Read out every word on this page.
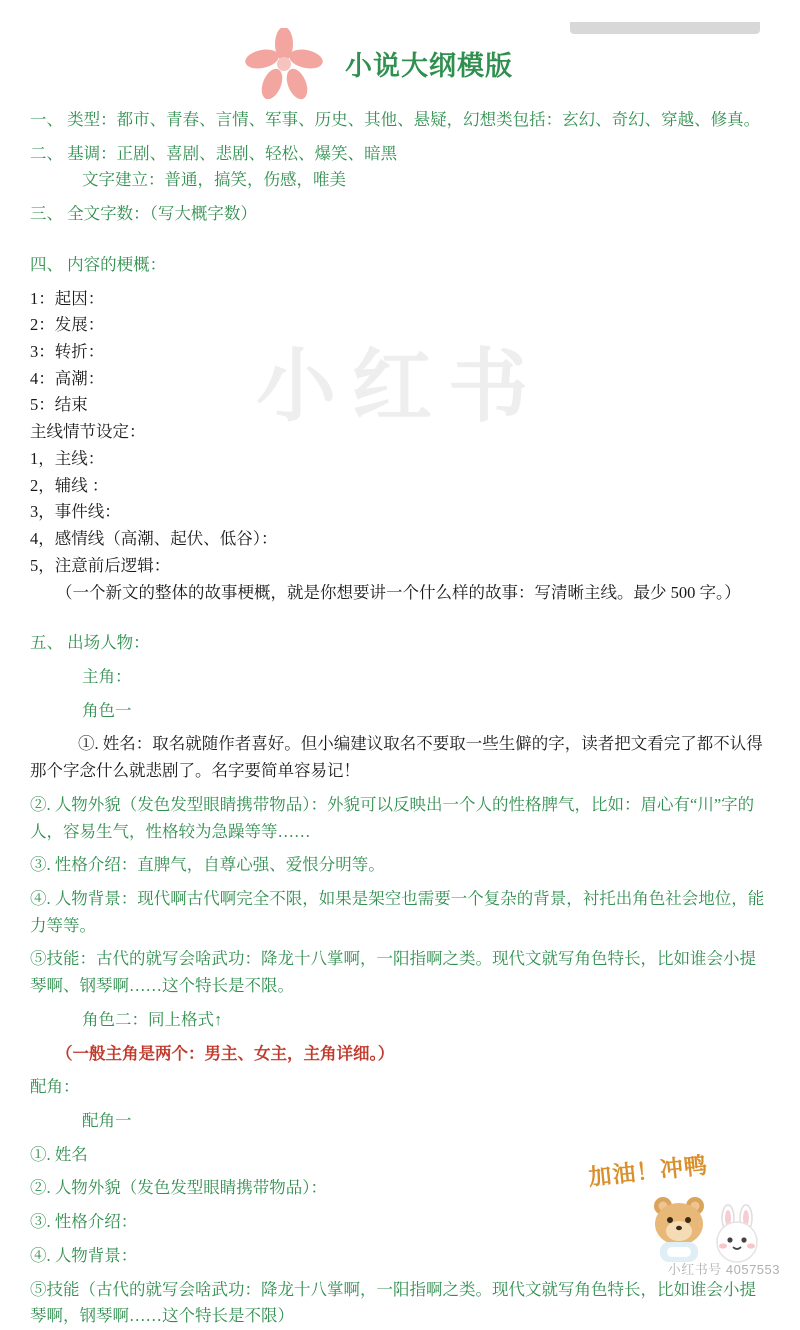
小红书
小说大纲模版

一、 类型：都市、青春、言情、军事、历史、其他、悬疑，幻想类包括：玄幻、奇幻、穿越、修真。

二、 基调：正剧、喜剧、悲剧、轻松、爆笑、暗黑

文字建立：普通，搞笑，伤感，唯美

三、 全文字数：（写大概字数）

四、 内容的梗概：

1：起因：

2：发展：

3：转折：

4：高潮：

5：结束

主线情节设定：

1，主线：

2，辅线 ：

3，事件线：

4，感情线（高潮、起伏、低谷）：

5，注意前后逻辑：

（一个新文的整体的故事梗概，就是你想要讲一个什么样的故事：写清晰主线。最少 500 字。）

五、 出场人物：

主角：

角色一

①. 姓名：取名就随作者喜好。但小编建议取名不要取一些生僻的字，读者把文看完了都不认得那个字念什么就悲剧了。名字要简单容易记！

②. 人物外貌（发色发型眼睛携带物品）：外貌可以反映出一个人的性格脾气，比如：眉心有“川”字的人，容易生气，性格较为急躁等等……

③. 性格介绍：直脾气，自尊心强、爱恨分明等。

④. 人物背景：现代啊古代啊完全不限，如果是架空也需要一个复杂的背景，衬托出角色社会地位，能力等等。

⑤技能：古代的就写会啥武功：降龙十八掌啊，一阳指啊之类。现代文就写角色特长，比如谁会小提琴啊、钢琴啊……这个特长是不限。

角色二：同上格式↑

（一般主角是两个：男主、女主，主角详细。）

配角：

配角一

①. 姓名

②. 人物外貌（发色发型眼睛携带物品）：

③. 性格介绍：

④. 人物背景：

⑤技能（古代的就写会啥武功：降龙十八掌啊，一阳指啊之类。现代文就写角色特长，比如谁会小提琴啊，钢琴啊……这个特长是不限）

加油！冲鸭
小红书号 4057553
